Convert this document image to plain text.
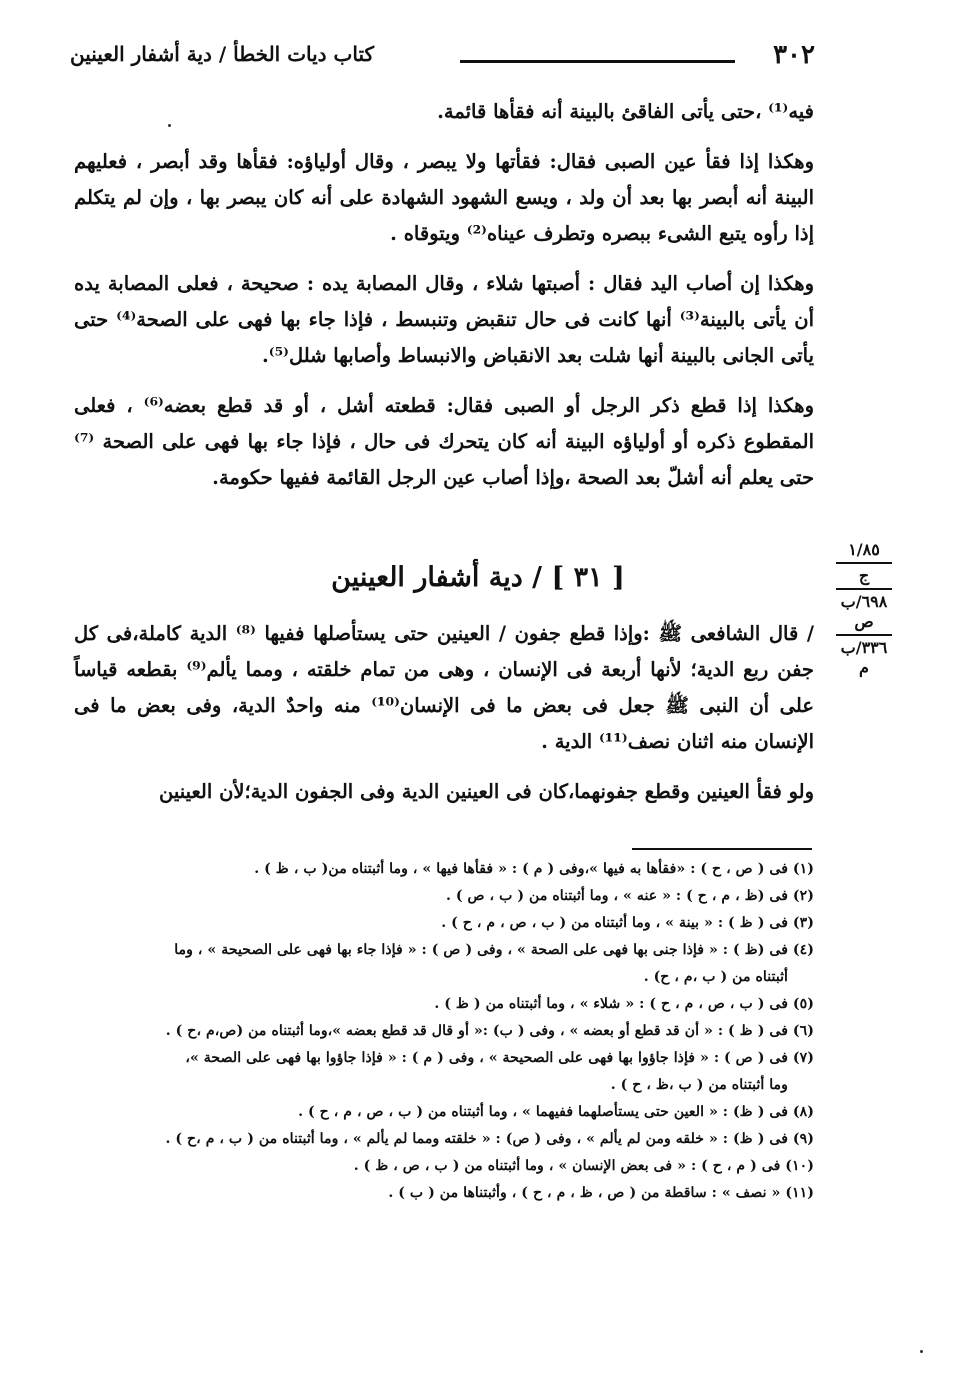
٣٠٢
كتاب ديات الخطأ / دية أشفار العينين

فيه⁽¹⁾ ،حتى يأتى الفاقئ بالبينة أنه فقأها قائمة.

وهكذا إذا فقأ عين الصبى فقال: فقأتها ولا يبصر ، وقال أولياؤه: فقأها وقد أبصر ، فعليهم البينة أنه أبصر بها بعد أن ولد ، ويسع الشهود الشهادة على أنه كان يبصر بها ، وإن لم يتكلم إذا رأوه يتبع الشىء ببصره وتطرف عيناه⁽²⁾ ويتوقاه .

وهكذا إن أصاب اليد فقال : أصبتها شلاء ، وقال المصابة يده : صحيحة ، فعلى المصابة يده أن يأتى بالبينة⁽³⁾ أنها كانت فى حال تنقبض وتنبسط ، فإذا جاء بها فهى على الصحة⁽⁴⁾ حتى يأتى الجانى بالبينة أنها شلت بعد الانقباض والانبساط وأصابها شلل⁽⁵⁾.

وهكذا إذا قطع ذكر الرجل أو الصبى فقال: قطعته أشل ، أو قد قطع بعضه⁽⁶⁾ ، فعلى المقطوع ذكره أو أولياؤه البينة أنه كان يتحرك فى حال ، فإذا جاء بها فهى على الصحة ⁽⁷⁾ حتى يعلم أنه أشلّ بعد الصحة ،وإذا أصاب عين الرجل القائمة ففيها حكومة.

[ ٣١ ] / دية أشفار العينين
١/٨٥
ج
٦٩٨/ب
ص
٣٣٦/ب
م

/ قال الشافعى ﷺ :وإذا قطع جفون / العينين حتى يستأصلها ففيها ⁽⁸⁾ الدية كاملة،فى كل جفن ربع الدية؛ لأنها أربعة فى الإنسان ، وهى من تمام خلقته ، ومما يألم⁽⁹⁾ بقطعه قياساً على أن النبى ﷺ جعل فى بعض ما فى الإنسان⁽¹⁰⁾ منه واحدٌ الدية، وفى بعض ما فى الإنسان منه اثنان نصف⁽¹¹⁾ الدية .

ولو فقأ العينين وقطع جفونهما،كان فى العينين الدية وفى الجفون الدية؛لأن العينين

(١) فى ( ص ، ح ) : «فقأها به فيها »،وفى ( م ) : « فقأها فيها » ، وما أثبتناه من( ب ، ظ ) .

(٢) فى (ظ ، م ، ح ) : « عنه » ، وما أثبتناه من ( ب ، ص ) .

(٣) فى ( ظ ) : « بينة » ، وما أثبتناه من ( ب ، ص ، م ، ح ) .

(٤) فى (ظ ) : « فإذا جنى بها فهى على الصحة » ، وفى ( ص ) : « فإذا جاء بها فهى على الصحيحة » ، وما

أثبتناه من ( ب ،م ، ح) .

(٥) فى ( ب ، ص ، م ، ح ) : « شلاء » ، وما أثبتناه من ( ظ ) .

(٦) فى ( ظ ) : « أن قد قطع أو بعضه » ، وفى ( ب) :« أو قال قد قطع بعضه »،وما أثبتناه من (ص،م ،ح ) .

(٧) فى ( ص ) : « فإذا جاؤوا بها فهى على الصحيحة » ، وفى ( م ) : « فإذا جاؤوا بها فهى على الصحة »،

وما أثبتناه من ( ب ،ظ ، ح ) .

(٨) فى ( ظ) : « العين حتى يستأصلهما ففيهما » ، وما أثبتناه من ( ب ، ص ، م ، ح ) .

(٩) فى ( ظ) : « خلقه ومن لم يألم » ، وفى ( ص) : « خلقته ومما لم يألم » ، وما أثبتناه من ( ب ، م ،ح ) .

(١٠) فى ( م ، ح ) : « فى بعض الإنسان » ، وما أثبتناه من ( ب ، ص ، ظ ) .

(١١) « نصف » : ساقطة من ( ص ، ظ ، م ، ح ) ، وأثبتناها من ( ب ) .
